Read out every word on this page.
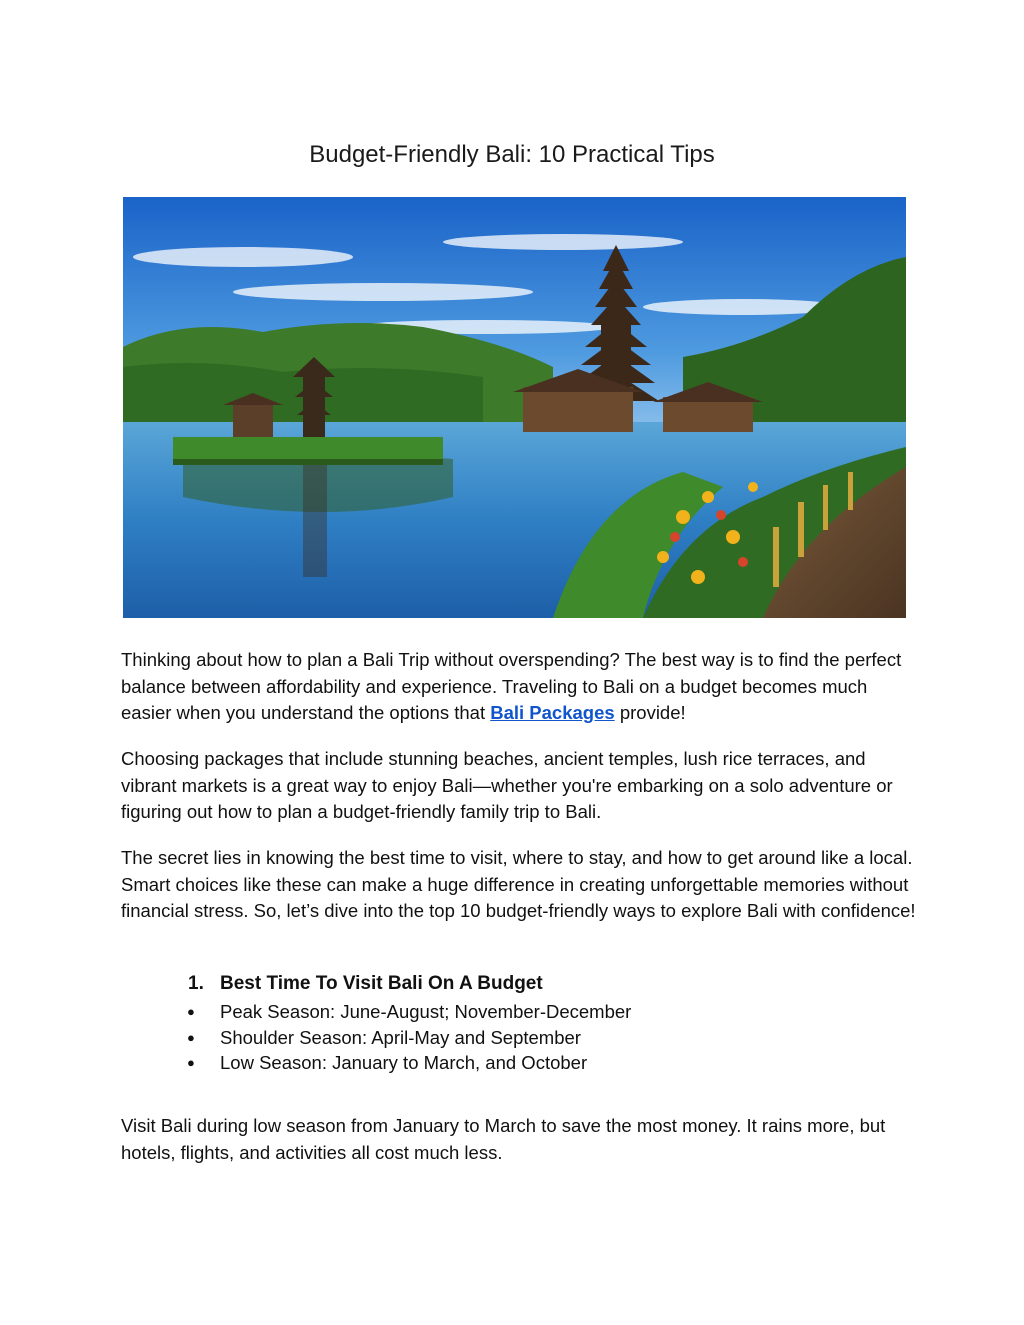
Budget-Friendly Bali: 10 Practical Tips

Thinking about how to plan a Bali Trip without overspending? The best way is to find the perfect balance between affordability and experience. Traveling to Bali on a budget becomes much easier when you understand the options that Bali Packages provide!

Choosing packages that include stunning beaches, ancient temples, lush rice terraces, and vibrant markets is a great way to enjoy Bali—whether you're embarking on a solo adventure or figuring out how to plan a budget-friendly family trip to Bali.

The secret lies in knowing the best time to visit, where to stay, and how to get around like a local. Smart choices like these can make a huge difference in creating unforgettable memories without financial stress. So, let’s dive into the top 10 budget-friendly ways to explore Bali with confidence!

1. Best Time To Visit Bali On A Budget
● Peak Season: June-August; November-December
● Shoulder Season: April-May and September
● Low Season: January to March, and October

Visit Bali during low season from January to March to save the most money. It rains more, but hotels, flights, and activities all cost much less.
